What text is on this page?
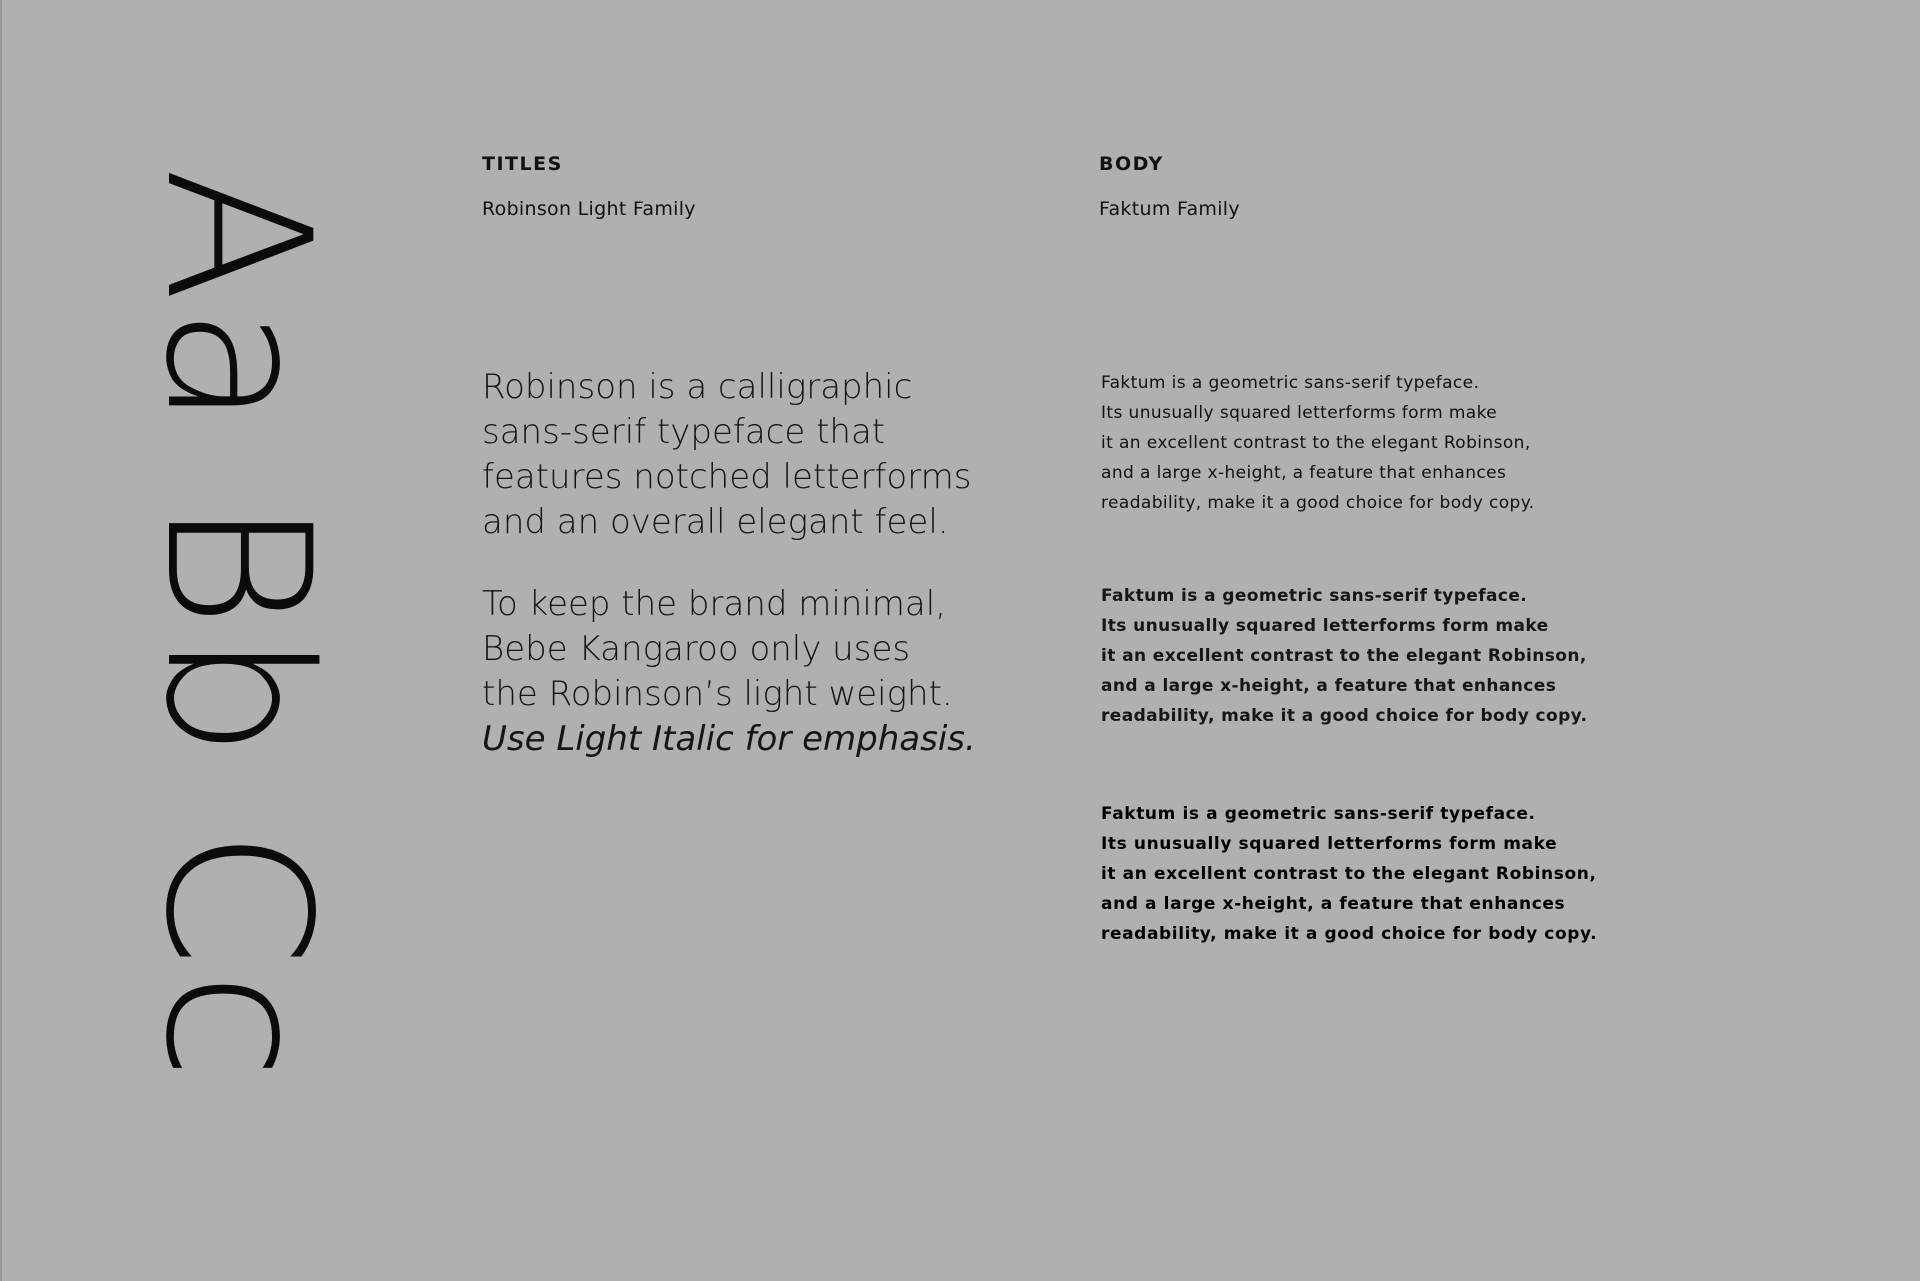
Aa Bb Cc
TITLES
Robinson Light Family

Robinson is a calligraphic
sans-serif typeface that
features notched letterforms
and an overall elegant feel.

To keep the brand minimal,
Bebe Kangaroo only uses
the Robinson’s light weight.
Use Light Italic for emphasis.

BODY
Faktum Family

Faktum is a geometric sans-serif typeface.
Its unusually squared letterforms form make
it an excellent contrast to the elegant Robinson,
and a large x-height, a feature that enhances
readability, make it a good choice for body copy.

Faktum is a geometric sans-serif typeface.
Its unusually squared letterforms form make
it an excellent contrast to the elegant Robinson,
and a large x-height, a feature that enhances
readability, make it a good choice for body copy.

Faktum is a geometric sans-serif typeface.
Its unusually squared letterforms form make
it an excellent contrast to the elegant Robinson,
and a large x-height, a feature that enhances
readability, make it a good choice for body copy.
